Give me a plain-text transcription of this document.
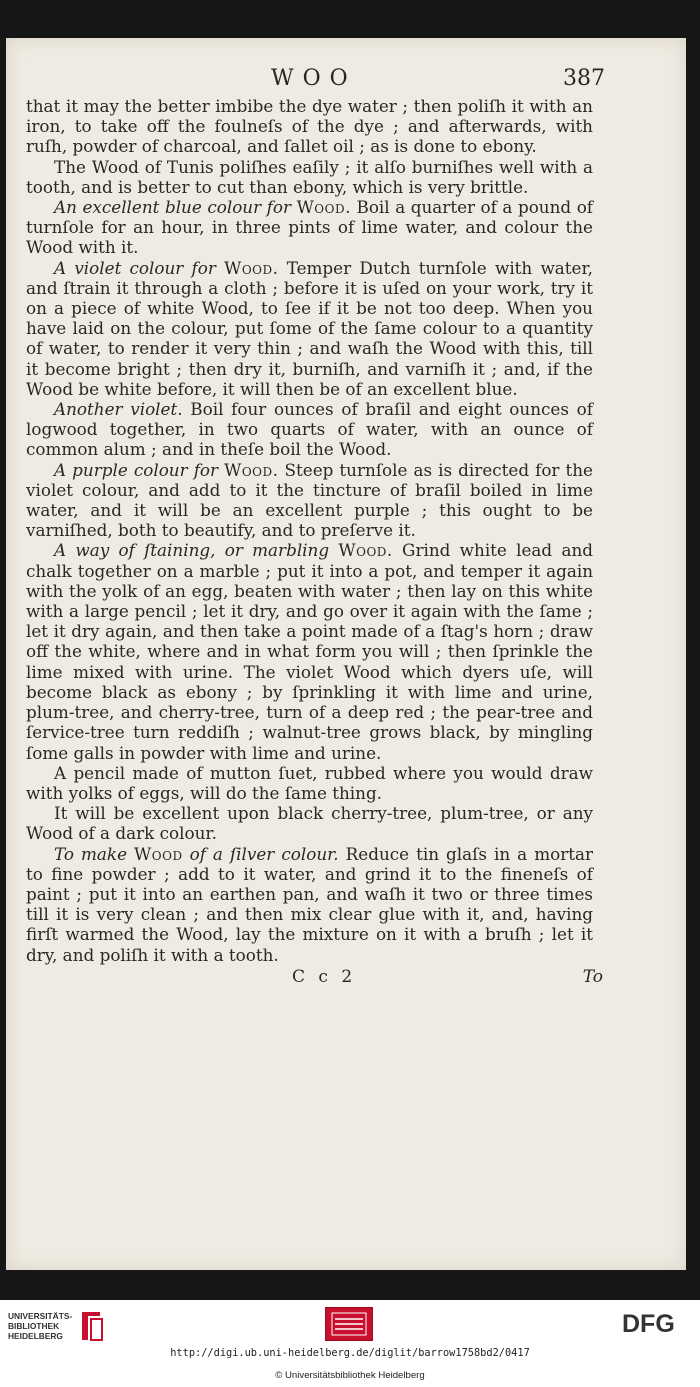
WOO	387

that it may the better imbibe the dye water ; then poliſh it with an iron, to take off the foulneſs of the dye ; and afterwards, with ruſh, powder of charcoal, and ſallet oil ; as is done to ebony.

The Wood of Tunis poliſhes eaſily ; it alſo burniſhes well with a tooth, and is better to cut than ebony, which is very brittle.

An excellent blue colour for Wood. Boil a quarter of a pound of turnſole for an hour, in three pints of lime water, and colour the Wood with it.

A violet colour for Wood. Temper Dutch turnſole with water, and ſtrain it through a cloth ; before it is uſed on your work, try it on a piece of white Wood, to ſee if it be not too deep. When you have laid on the colour, put ſome of the ſame colour to a quantity of water, to render it very thin ; and waſh the Wood with this, till it become bright ; then dry it, burniſh, and varniſh it ; and, if the Wood be white before, it will then be of an excellent blue.

Another violet. Boil four ounces of braſil and eight ounces of logwood together, in two quarts of water, with an ounce of common alum ; and in theſe boil the Wood.

A purple colour for Wood. Steep turnſole as is directed for the violet colour, and add to it the tincture of braſil boiled in lime water, and it will be an excellent purple ; this ought to be varniſhed, both to beautify, and to preſerve it.

A way of ſtaining, or marbling Wood. Grind white lead and chalk together on a marble ; put it into a pot, and temper it again with the yolk of an egg, beaten with water ; then lay on this white with a large pencil ; let it dry, and go over it again with the ſame ; let it dry again, and then take a point made of a ſtag's horn ; draw off the white, where and in what form you will ; then ſprinkle the lime mixed with urine. The violet Wood which dyers uſe, will become black as ebony ; by ſprinkling it with lime and urine, plum-tree, and cherry-tree, turn of a deep red ; the pear-tree and ſervice-tree turn reddiſh ; walnut-tree grows black, by mingling ſome galls in powder with lime and urine.

A pencil made of mutton ſuet, rubbed where you would draw with yolks of eggs, will do the ſame thing.

It will be excellent upon black cherry-tree, plum-tree, or any Wood of a dark colour.

To make Wood of a ſilver colour. Reduce tin glaſs in a mortar to fine powder ; add to it water, and grind it to the fineneſs of paint ; put it into an earthen pan, and waſh it two or three times till it is very clean ; and then mix clear glue with it, and, having firſt warmed the Wood, lay the mixture on it with a bruſh ; let it dry, and poliſh it with a tooth.

C c 2	To
UNIVERSITÄTS-
BIBLIOTHEK
HEIDELBERG	DFG
http://digi.ub.uni-heidelberg.de/diglit/barrow1758bd2/0417
© Universitätsbibliothek Heidelberg
